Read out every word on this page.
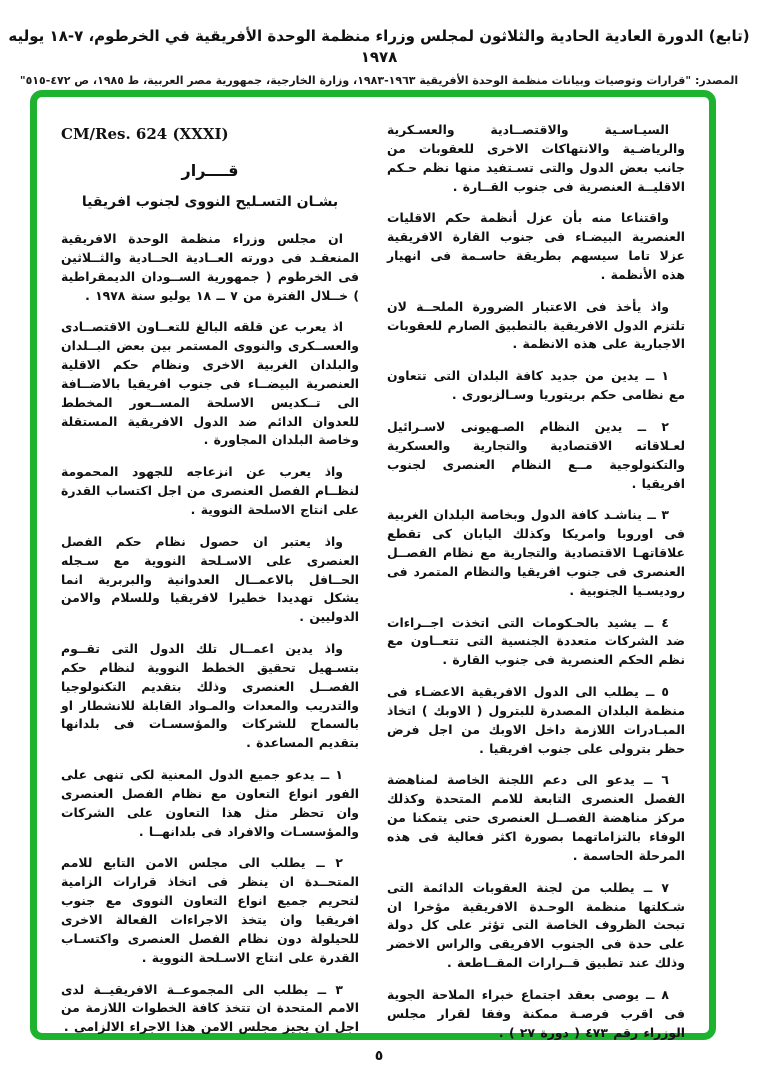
(تابع) الدورة العادية الحادية والثلاثون لمجلس وزراء منظمة الوحدة الأفريقية في الخرطوم، ٧-١٨ يوليه ١٩٧٨
المصدر: "قرارات وتوصيات وبيانات منظمة الوحدة الأفريقية ١٩٦٣-١٩٨٣، وزارة الخارجية، جمهورية مصر العربية، ط ١٩٨٥، ص ٤٧٢-٥١٥"

السيـاسـية والاقتصــادية والعسـكرية والرياضـية والانتهاكات الاخرى للعقوبات من جانب بعض الدول والتى تسـتفيد منها نظم حـكم الاقليــة العنصرية فى جنوب القــارة .

واقتناعا منه بأن عزل أنظمة حكم الاقليات العنصرية البيضـاء فى جنوب القارة الافريقية عزلا تاما سيسهم بطريقة حاسـمة فى انهيار هذه الأنظمة .

واذ يأخذ فى الاعتبار الضرورة الملحــة لان تلتزم الدول الافريقية بالتطبيق الصارم للعقوبات الاجبارية على هذه الانظمة .

١ ــ يدين من جديد كافة البلدان التى تتعاون مع نظامى حكم بريتوريا وسـالزبورى .

٢ ــ يدين النظام الصـهيونى لاسـرائيل لعـلاقاته الاقتصادية والتجارية والعسكرية والتكنولوجية مــع النظام العنصرى لجنوب افريقيا .

٣ ــ يناشـد كافة الدول وبخاصة البلدان الغربية فى اوروبا وامريكا وكذلك اليابان كى تقطع علاقاتهـا الاقتصادية والتجارية مع نظام الفصــل العنصرى فى جنوب افريقيا والنظام المتمرد فى روديسـيا الجنوبية .

٤ ــ يشيد بالحـكومات التى اتخذت اجــراءات ضد الشركات متعددة الجنسية التى تتعــاون مع نظم الحكم العنصرية فى جنوب القارة .

٥ ــ يطلب الى الدول الافريقية الاعضـاء فى منظمة البلدان المصدرة للبترول ( الاوبك ) اتخاذ المبـادرات اللازمة داخل الاوبك من اجل فرض حظر بترولى على جنوب افريقيا .

٦ ــ يدعو الى دعم اللجنة الخاصة لمناهضة الفصل العنصرى التابعة للامم المتحدة وكذلك مركز مناهضة الفصــل العنصرى حتى يتمكنا من الوفاء بالتزاماتهما بصورة اكثر فعالية فى هذه المرحلة الحاسمة .

٧ ــ يطلب من لجنة العقوبات الدائمة التى شـكلتها منظمة الوحـدة الافريقية مؤخرا ان تبحث الظروف الخاصة التى تؤثر على كل دولة على حدة فى الجنوب الافريقى والراس الاخضر وذلك عند تطبيق قــرارات المقــاطعة .

٨ ــ يوصى بعقد اجتماع خبراء الملاحة الجوية فى اقرب فرصـة ممكنة وفقا لقرار مجلس الوزراء رقم ٤٧٣ ( دورة ٢٧ ) .

CM/Res. 624 (XXXI)
قــــرار
بشـان التسـليح النووى لجنوب افريقيا

ان مجلس وزراء منظمة الوحدة الافريقية المنعقـد فى دورته العــادية الحــادية والثــلاثين فى الخرطوم ( جمهورية الســودان الديمقراطية ) خــلال الفترة من ٧ ــ ١٨ يوليو سنة ١٩٧٨ .

اذ يعرب عن قلقه البالغ للتعــاون الاقتصــادى والعســكرى والنووى المستمر بين بعض البــلدان والبلدان الغربية الاخرى ونظام حكم الاقلية العنصرية البيضــاء فى جنوب افريقيا بالاضــافة الى تــكديس الاسلحة المســعور المخطط للعدوان الدائم ضد الدول الافريقية المستقلة وخاصة البلدان المجاورة .

واذ يعرب عن انزعاجه للجهود المحمومة لنظــام الفصل العنصرى من اجل اكتساب القدرة على انتاج الاسلحة النووية .

واذ يعتبر ان حصول نظام حكم الفصل العنصرى على الاسـلحة النووية مع سـجله الحــافل بالاعمــال العدوانية والبربرية انما يشكل تهديدا خطيرا لافريقيا وللسلام والامن الدوليين .

واذ يدين اعمــال تلك الدول التى تقــوم بتسـهيل تحقيق الخطط النووية لنظام حكم الفصــل العنصرى وذلك بتقديم التكنولوجيا والتدريب والمعدات والمـواد القابلة للانشطار او بالسماح للشركات والمؤسسـات فى بلدانها بتقديم المساعدة .

١ ــ يدعو جميع الدول المعنية لكى تنهى على الفور انواع التعاون مع نظام الفصل العنصرى وان تحظر مثل هذا التعاون على الشركات والمؤسسـات والافراد فى بلدانهــا .

٢ ــ يطلب الى مجلس الامن التابع للامم المتحــدة ان ينظر فى اتخاذ قرارات الزامية لتحريم جميع انواع التعاون النووى مع جنوب افريقيا وان يتخذ الاجراءات الفعالة الاخرى للحيلولة دون نظام الفصل العنصرى واكتسـاب القدرة على انتاج الاسـلحة النووية .

٣ ــ يطلب الى المجموعــة الافريقيــة لدى الامم المتحدة ان تتخذ كافة الخطوات اللازمة من اجل ان يجيز مجلس الامن هذا الاجراء الالزامى .

٥
